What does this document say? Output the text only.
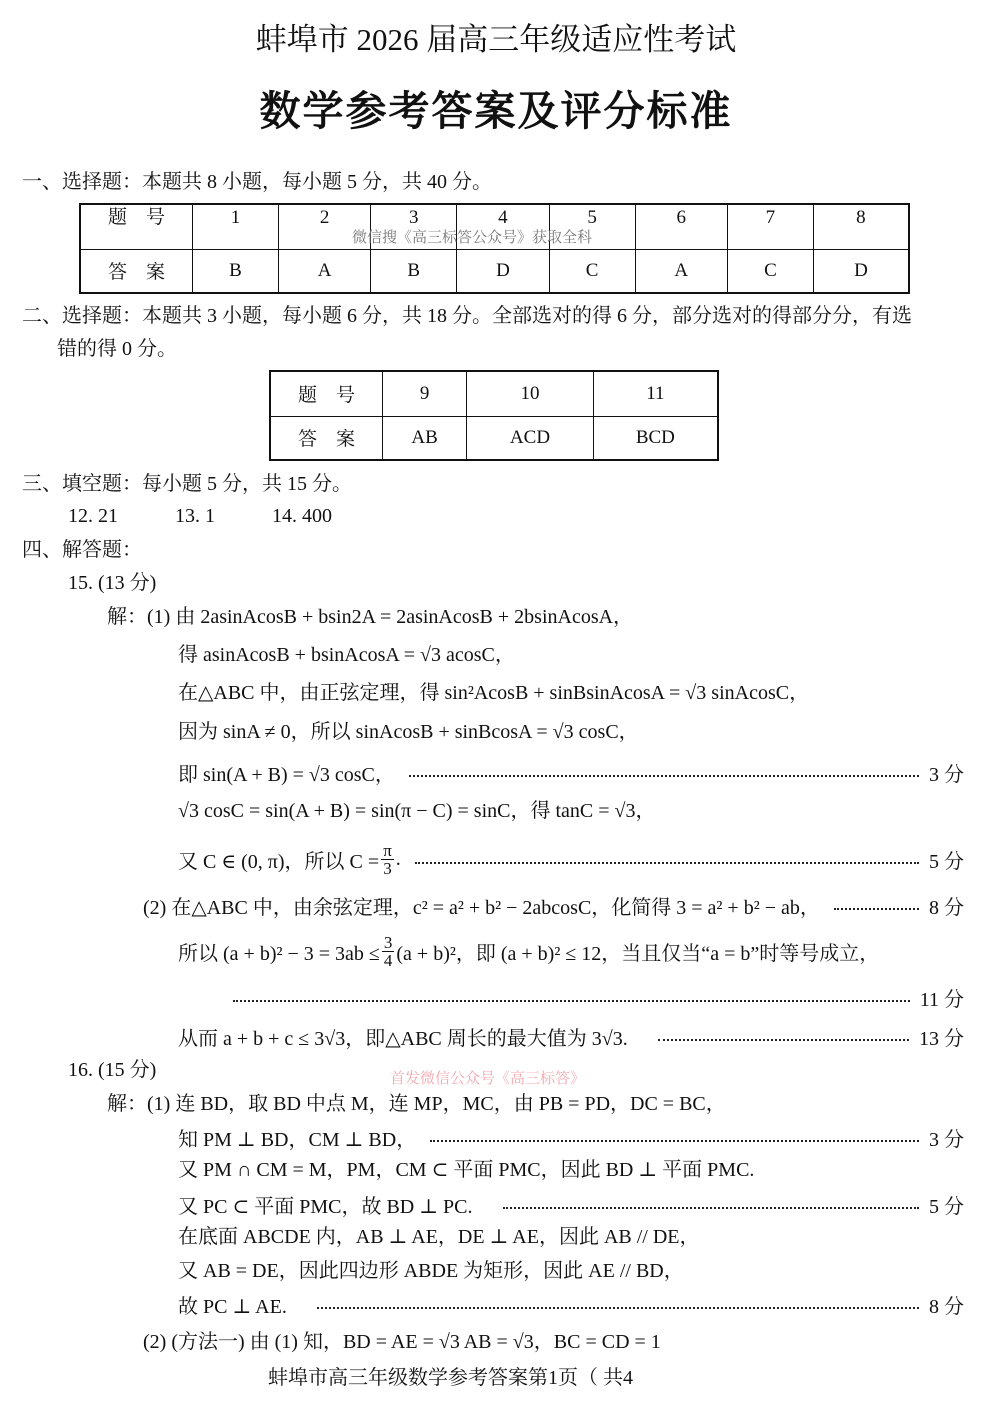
蚌埠市 2026 届高三年级适应性考试
数学参考答案及评分标准
一、选择题：本题共 8 小题，每小题 5 分，共 40 分。
题　号	1	2	3	4	5	6	7	8
答　案	B	A	B	D	C	A	C	D
微信搜《高三标答公众号》获取全科
二、选择题：本题共 3 小题，每小题 6 分，共 18 分。全部选对的得 6 分，部分选对的得部分分，有选
错的得 0 分。
题　号	9	10	11
答　案	AB	ACD	BCD
三、填空题：每小题 5 分，共 15 分。
12. 21	13. 1	14. 400
四、解答题：
15. (13 分)
解：(1) 由 2asinAcosB + bsin2A = 2asinAcosB + 2bsinAcosA，
得 asinAcosB + bsinAcosA = √3 acosC，
在△ABC 中，由正弦定理，得 sin²AcosB + sinBsinAcosA = √3 sinAcosC，
因为 sinA ≠ 0，所以 sinAcosB + sinBcosA = √3 cosC，
即 sin(A + B) = √3 cosC，	3 分
√3 cosC = sin(A + B) = sin(π − C) = sinC，得 tanC = √3，
又 C ∈ (0, π)，所以 $C = \frac{\pi}{3}$ .	5 分
(2) 在△ABC 中，由余弦定理，c² = a² + b² − 2abcosC，化简得 3 = a² + b² − ab，	8 分
所以 $(a + b)^2 - 3 = 3ab \le \frac{3}{4} (a + b)^2$，即 (a + b)² ≤ 12，当且仅当“a = b”时等号成立，
11 分
从而 a + b + c ≤ 3√3，即△ABC 周长的最大值为 3√3.	13 分
16. (15 分)	首发微信公众号《高三标答》
解：(1) 连 BD，取 BD 中点 M，连 MP，MC，由 PB = PD，DC = BC，
知 PM ⊥ BD，CM ⊥ BD，	3 分
又 PM ∩ CM = M，PM，CM ⊂ 平面 PMC，因此 BD ⊥ 平面 PMC.
又 PC ⊂ 平面 PMC，故 BD ⊥ PC.	5 分
在底面 ABCDE 内，AB ⊥ AE，DE ⊥ AE，因此 AB // DE，
又 AB = DE，因此四边形 ABDE 为矩形，因此 AE // BD，
故 PC ⊥ AE.	8 分
(2) (方法一) 由 (1) 知，BD = AE = √3 AB = √3，BC = CD = 1
蚌埠市高三年级数学参考答案第1页（ 共4
